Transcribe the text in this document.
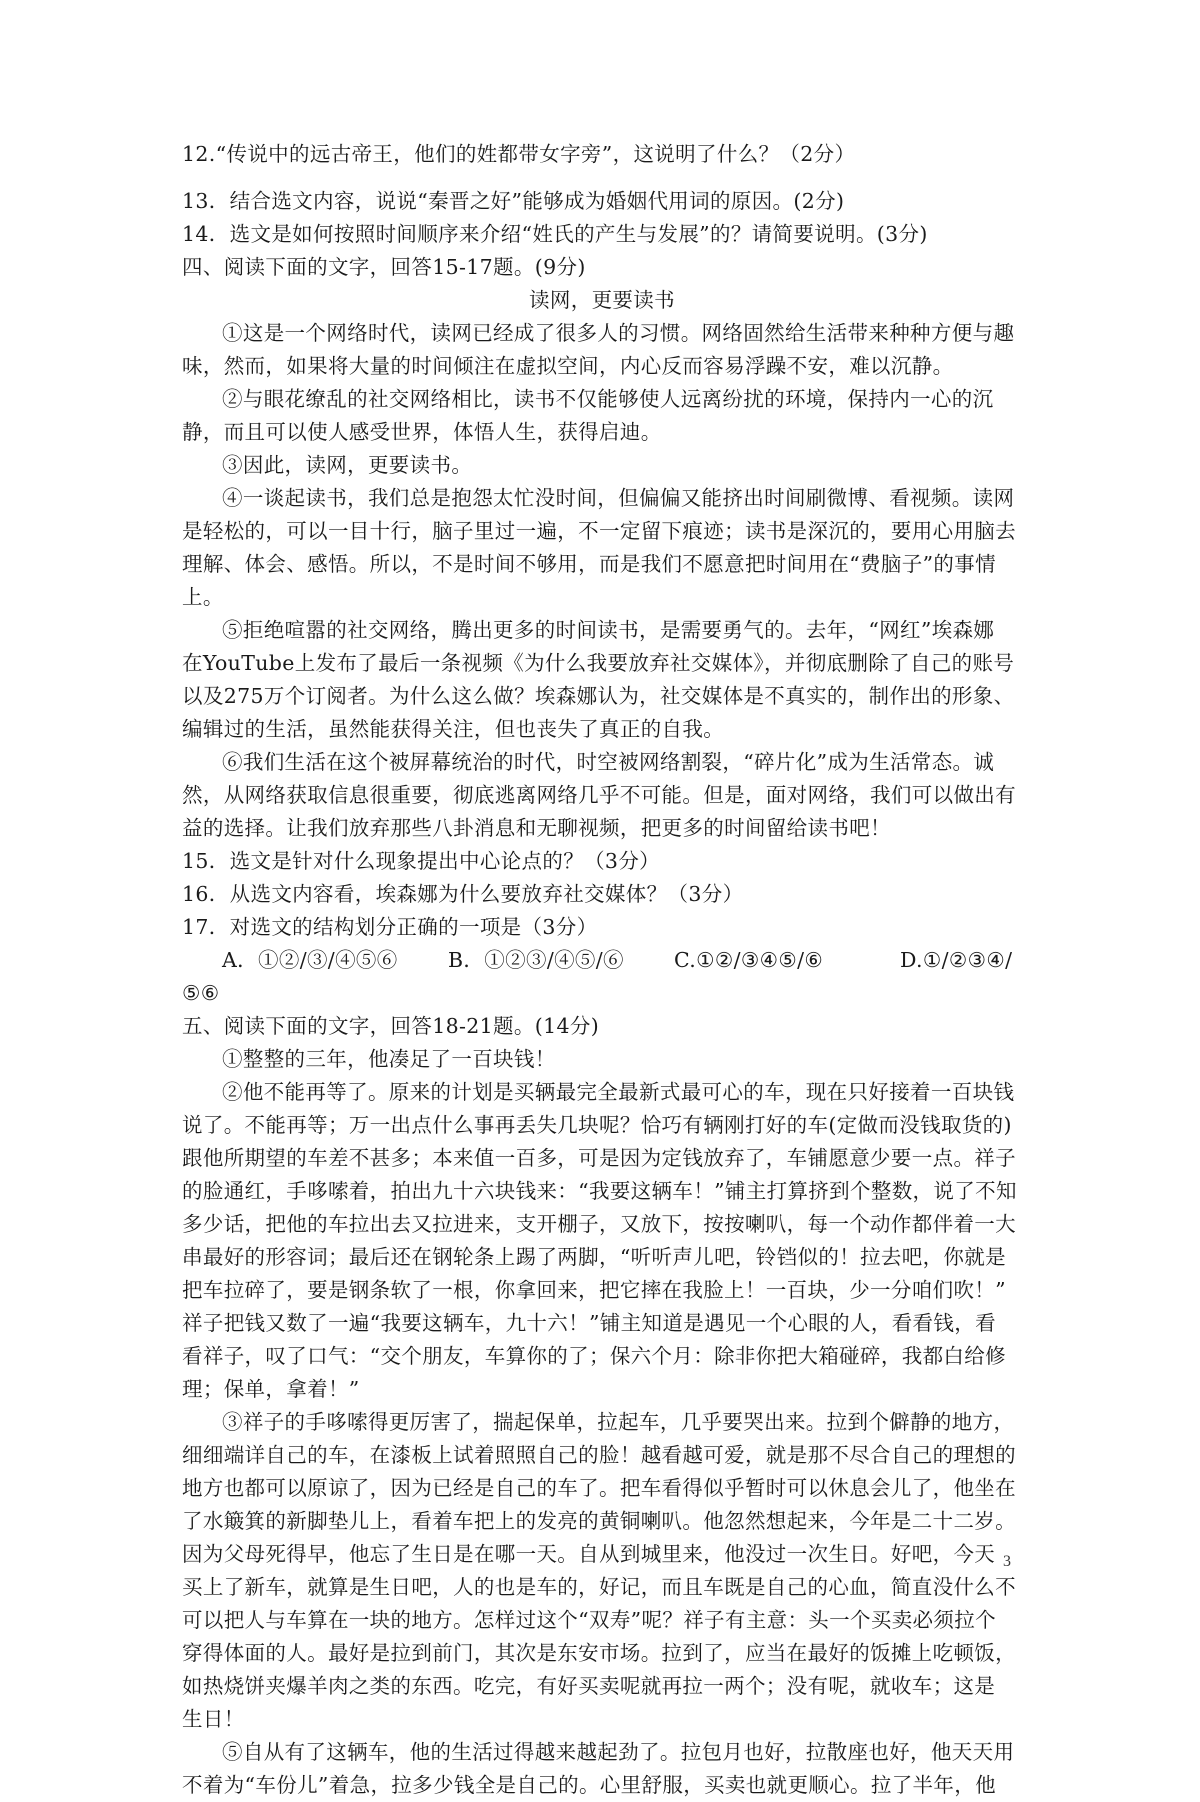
12.“传说中的远古帝王，他们的姓都带女字旁”，这说明了什么？（2分）
13．结合选文内容，说说“秦晋之好”能够成为婚姻代用词的原因。(2分)
14．选文是如何按照时间顺序来介绍“姓氏的产生与发展”的？请简要说明。(3分)
四、阅读下面的文字，回答15-17题。(9分)
读网，更要读书
①这是一个网络时代，读网已经成了很多人的习惯。网络固然给生活带来种种方便与趣
味，然而，如果将大量的时间倾注在虚拟空间，内心反而容易浮躁不安，难以沉静。
②与眼花缭乱的社交网络相比，读书不仅能够使人远离纷扰的环境，保持内一心的沉
静，而且可以使人感受世界，体悟人生，获得启迪。
③因此，读网，更要读书。
④一谈起读书，我们总是抱怨太忙没时间，但偏偏又能挤出时间刷微博、看视频。读网
是轻松的，可以一目十行，脑子里过一遍，不一定留下痕迹；读书是深沉的，要用心用脑去
理解、体会、感悟。所以，不是时间不够用，而是我们不愿意把时间用在“费脑子”的事情
上。
⑤拒绝喧嚣的社交网络，腾出更多的时间读书，是需要勇气的。去年，“网红”埃森娜
在YouTube上发布了最后一条视频《为什么我要放弃社交媒体》，并彻底删除了自己的账号
以及275万个订阅者。为什么这么做？埃森娜认为，社交媒体是不真实的，制作出的形象、
编辑过的生活，虽然能获得关注，但也丧失了真正的自我。
⑥我们生活在这个被屏幕统治的时代，时空被网络割裂，“碎片化”成为生活常态。诚
然，从网络获取信息很重要，彻底逃离网络几乎不可能。但是，面对网络，我们可以做出有
益的选择。让我们放弃那些八卦消息和无聊视频，把更多的时间留给读书吧！
15．选文是针对什么现象提出中心论点的？（3分）
16．从选文内容看，埃森娜为什么要放弃社交媒体？（3分）
17．对选文的结构划分正确的一项是（3分）
A．①②/③/④⑤⑥	B．①②③/④⑤/⑥	C.①②/③④⑤/⑥	D.①/②③④/
⑤⑥
五、阅读下面的文字，回答18-21题。(14分)
①整整的三年，他凑足了一百块钱！
②他不能再等了。原来的计划是买辆最完全最新式最可心的车，现在只好接着一百块钱
说了。不能再等；万一出点什么事再丢失几块呢？恰巧有辆刚打好的车(定做而没钱取货的)
跟他所期望的车差不甚多；本来值一百多，可是因为定钱放弃了，车铺愿意少要一点。祥子
的脸通红，手哆嗦着，拍出九十六块钱来：“我要这辆车！”铺主打算挤到个整数，说了不知
多少话，把他的车拉出去又拉进来，支开棚子，又放下，按按喇叭，每一个动作都伴着一大
串最好的形容词；最后还在钢轮条上踢了两脚，“听听声儿吧，铃铛似的！拉去吧，你就是
把车拉碎了，要是钢条软了一根，你拿回来，把它摔在我脸上！一百块，少一分咱们吹！”
祥子把钱又数了一遍“我要这辆车，九十六！”铺主知道是遇见一个心眼的人，看看钱，看
看祥子，叹了口气：“交个朋友，车算你的了；保六个月：除非你把大箱碰碎，我都白给修
理；保单，拿着！”
③祥子的手哆嗦得更厉害了，揣起保单，拉起车，几乎要哭出来。拉到个僻静的地方，
细细端详自己的车，在漆板上试着照照自己的脸！越看越可爱，就是那不尽合自己的理想的
地方也都可以原谅了，因为已经是自己的车了。把车看得似乎暂时可以休息会儿了，他坐在
了水簸箕的新脚垫儿上，看着车把上的发亮的黄铜喇叭。他忽然想起来，今年是二十二岁。
因为父母死得早，他忘了生日是在哪一天。自从到城里来，他没过一次生日。好吧，今天
买上了新车，就算是生日吧，人的也是车的，好记，而且车既是自己的心血，简直没什么不
可以把人与车算在一块的地方。怎样过这个“双寿”呢？祥子有主意：头一个买卖必须拉个
穿得体面的人。最好是拉到前门，其次是东安市场。拉到了，应当在最好的饭摊上吃顿饭，
如热烧饼夹爆羊肉之类的东西。吃完，有好买卖呢就再拉一两个；没有呢，就收车；这是
生日！
⑤自从有了这辆车，他的生活过得越来越起劲了。拉包月也好，拉散座也好，他天天用
不着为“车份儿”着急，拉多少钱全是自己的。心里舒服，买卖也就更顺心。拉了半年，他
3
